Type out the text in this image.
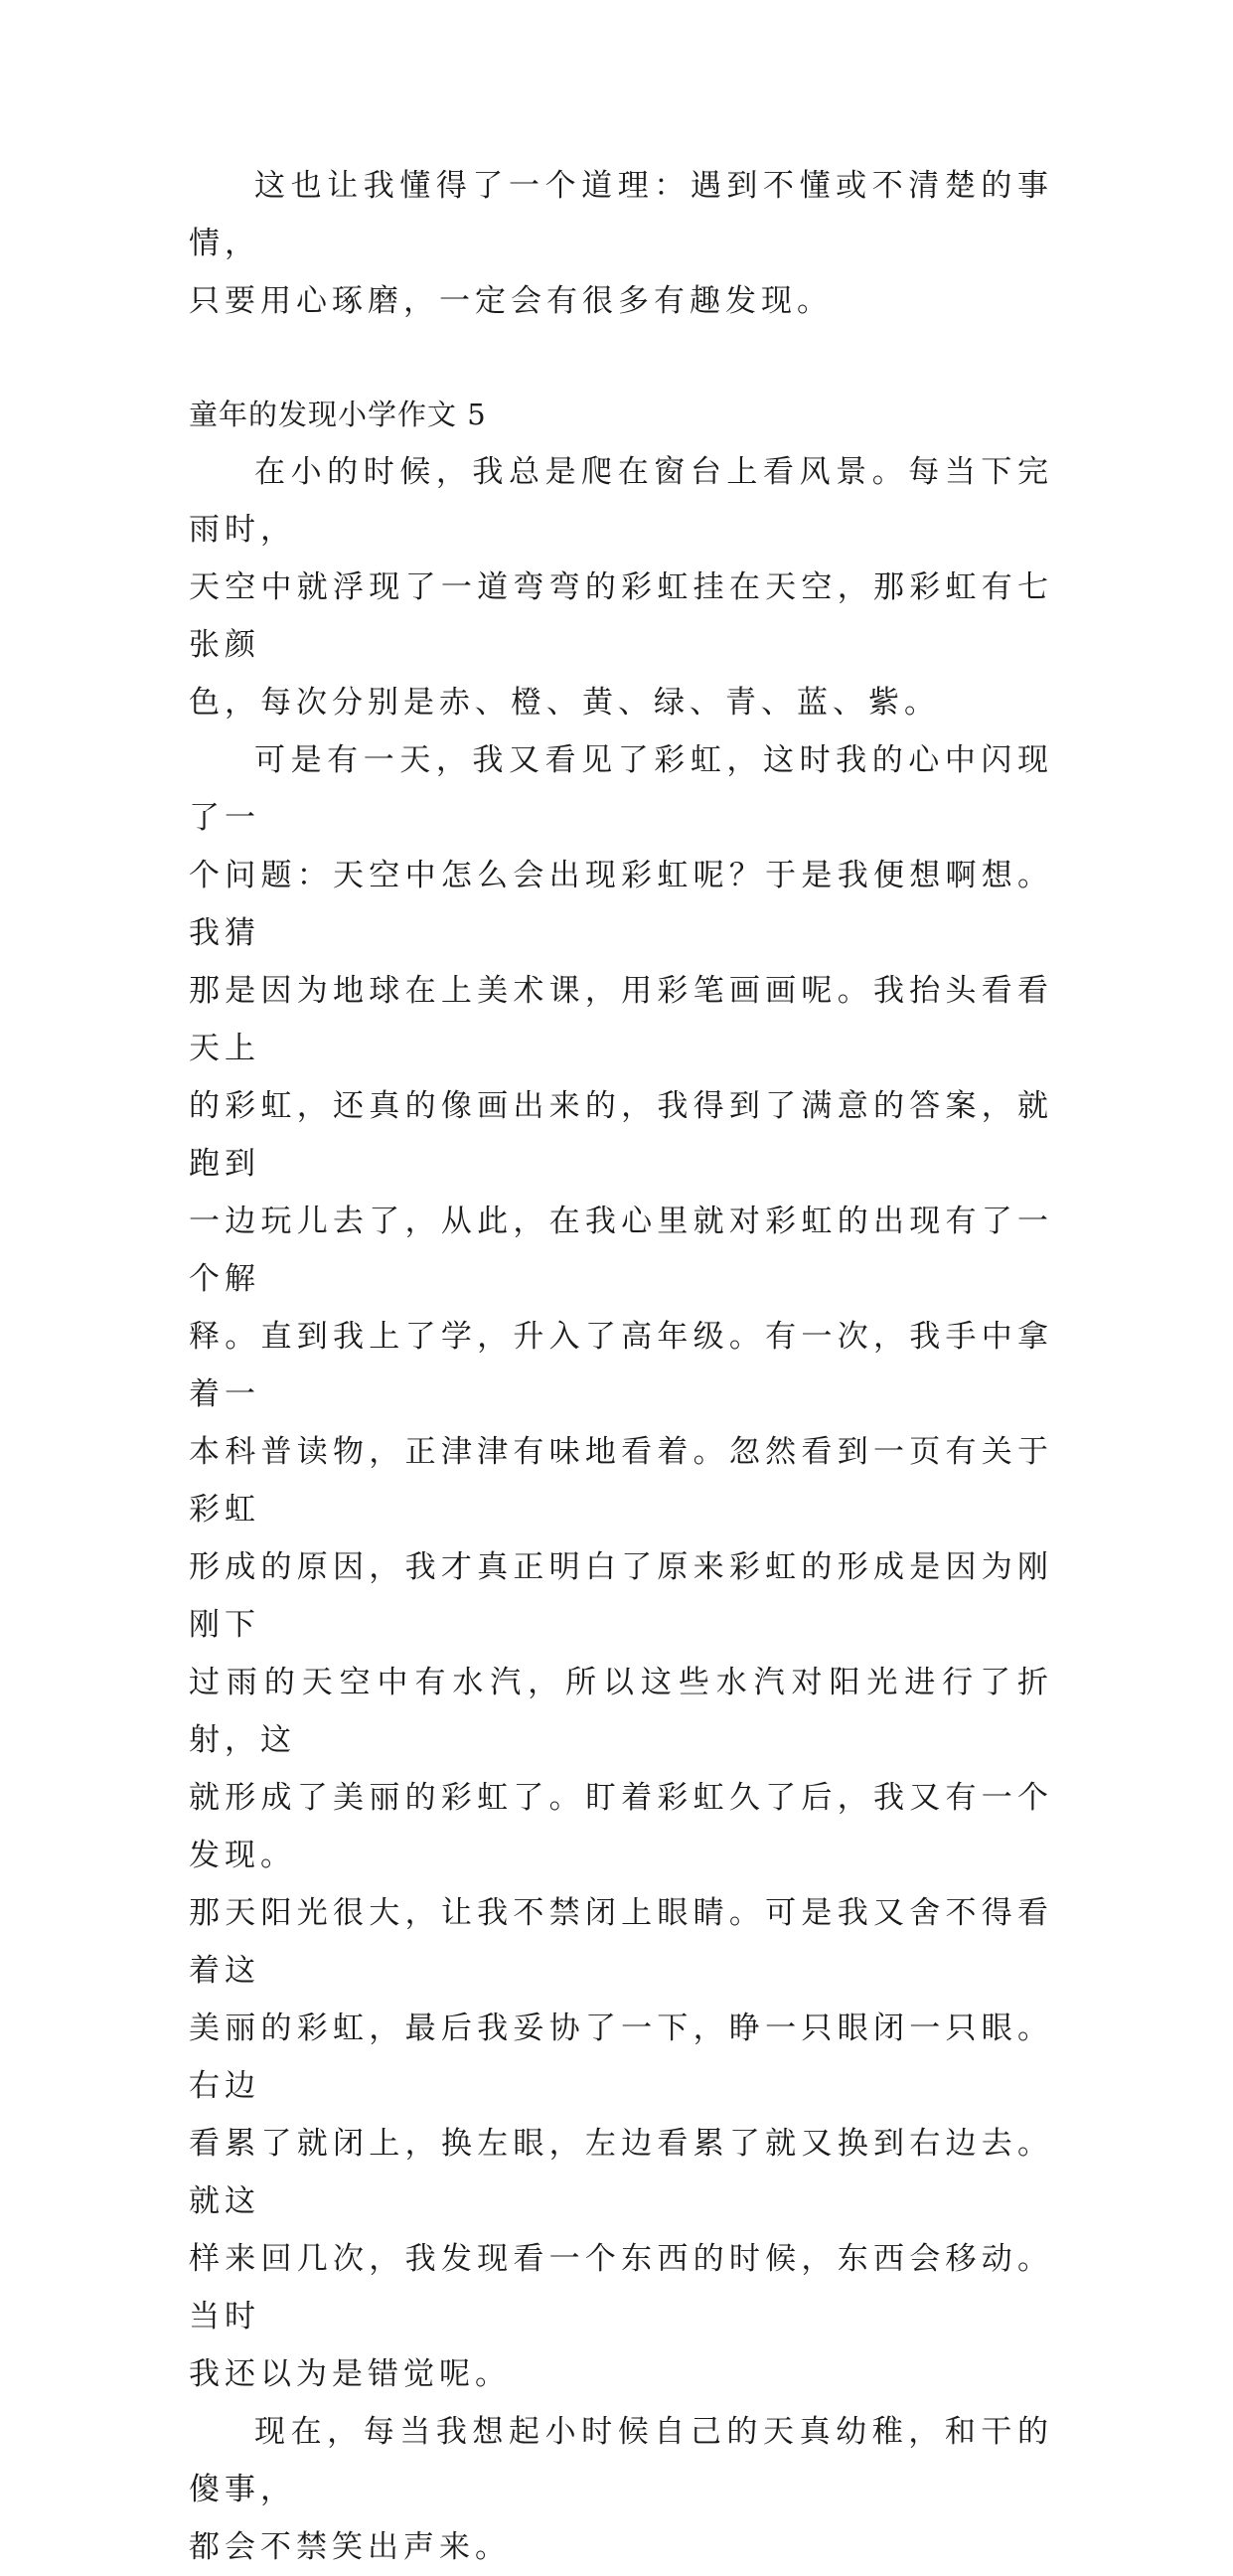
这也让我懂得了一个道理：遇到不懂或不清楚的事情，
只要用心琢磨，一定会有很多有趣发现。

童年的发现小学作文 5

在小的时候，我总是爬在窗台上看风景。每当下完雨时，
天空中就浮现了一道弯弯的彩虹挂在天空，那彩虹有七张颜
色，每次分别是赤、橙、黄、绿、青、蓝、紫。

可是有一天，我又看见了彩虹，这时我的心中闪现了一
个问题：天空中怎么会出现彩虹呢？于是我便想啊想。我猜
那是因为地球在上美术课，用彩笔画画呢。我抬头看看天上
的彩虹，还真的像画出来的，我得到了满意的答案，就跑到
一边玩儿去了，从此，在我心里就对彩虹的出现有了一个解
释。直到我上了学，升入了高年级。有一次，我手中拿着一
本科普读物，正津津有味地看着。忽然看到一页有关于彩虹
形成的原因，我才真正明白了原来彩虹的形成是因为刚刚下
过雨的天空中有水汽，所以这些水汽对阳光进行了折射，这
就形成了美丽的彩虹了。盯着彩虹久了后，我又有一个发现。
那天阳光很大，让我不禁闭上眼睛。可是我又舍不得看着这
美丽的彩虹，最后我妥协了一下，睁一只眼闭一只眼。右边
看累了就闭上，换左眼，左边看累了就又换到右边去。就这
样来回几次，我发现看一个东西的时候，东西会移动。当时
我还以为是错觉呢。

现在，每当我想起小时候自己的天真幼稚，和干的傻事，
都会不禁笑出声来。
